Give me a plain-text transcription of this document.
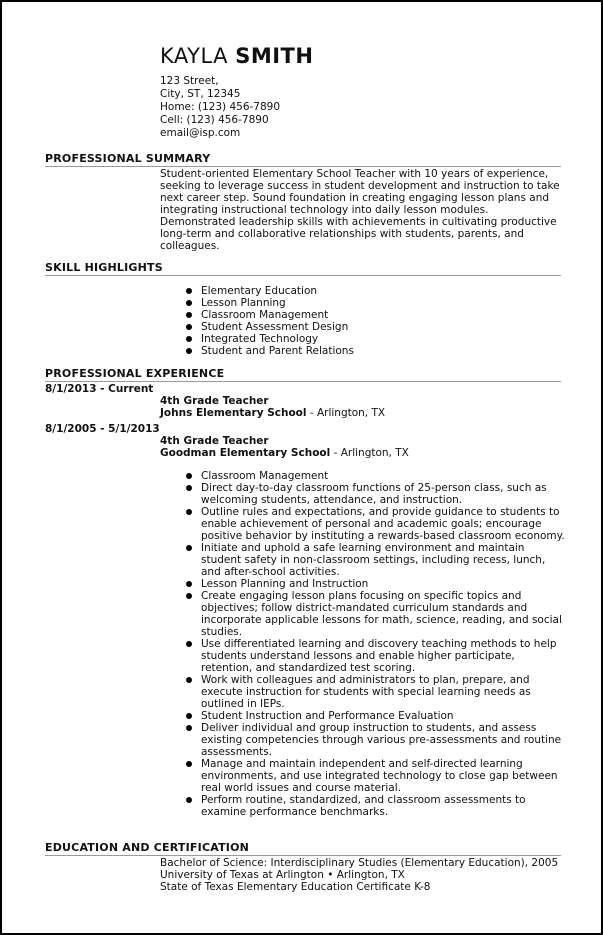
KAYLA SMITH
123 Street,
City, ST, 12345
Home: (123) 456-7890
Cell: (123) 456-7890
email@isp.com
PROFESSIONAL SUMMARY
Student-oriented Elementary School Teacher with 10 years of experience, seeking to leverage success in student development and instruction to take next career step. Sound foundation in creating engaging lesson plans and integrating instructional technology into daily lesson modules. Demonstrated leadership skills with achievements in cultivating productive long-term and collaborative relationships with students, parents, and colleagues.
SKILL HIGHLIGHTS
Elementary Education
Lesson Planning
Classroom Management
Student Assessment Design
Integrated Technology
Student and Parent Relations
PROFESSIONAL EXPERIENCE
8/1/2013 - Current
4th Grade Teacher
Johns Elementary School - Arlington, TX
8/1/2005 - 5/1/2013
4th Grade Teacher
Goodman Elementary School - Arlington, TX
Classroom Management
Direct day-to-day classroom functions of 25-person class, such as welcoming students, attendance, and instruction.
Outline rules and expectations, and provide guidance to students to enable achievement of personal and academic goals; encourage positive behavior by instituting a rewards-based classroom economy.
Initiate and uphold a safe learning environment and maintain student safety in non-classroom settings, including recess, lunch, and after-school activities.
Lesson Planning and Instruction
Create engaging lesson plans focusing on specific topics and objectives; follow district-mandated curriculum standards and incorporate applicable lessons for math, science, reading, and social studies.
Use differentiated learning and discovery teaching methods to help students understand lessons and enable higher participate, retention, and standardized test scoring.
Work with colleagues and administrators to plan, prepare, and execute instruction for students with special learning needs as outlined in IEPs.
Student Instruction and Performance Evaluation
Deliver individual and group instruction to students, and assess existing competencies through various pre-assessments and routine assessments.
Manage and maintain independent and self-directed learning environments, and use integrated technology to close gap between real world issues and course material.
Perform routine, standardized, and classroom assessments to examine performance benchmarks.
EDUCATION AND CERTIFICATION
Bachelor of Science: Interdisciplinary Studies (Elementary Education), 2005
University of Texas at Arlington • Arlington, TX
State of Texas Elementary Education Certificate K-8
